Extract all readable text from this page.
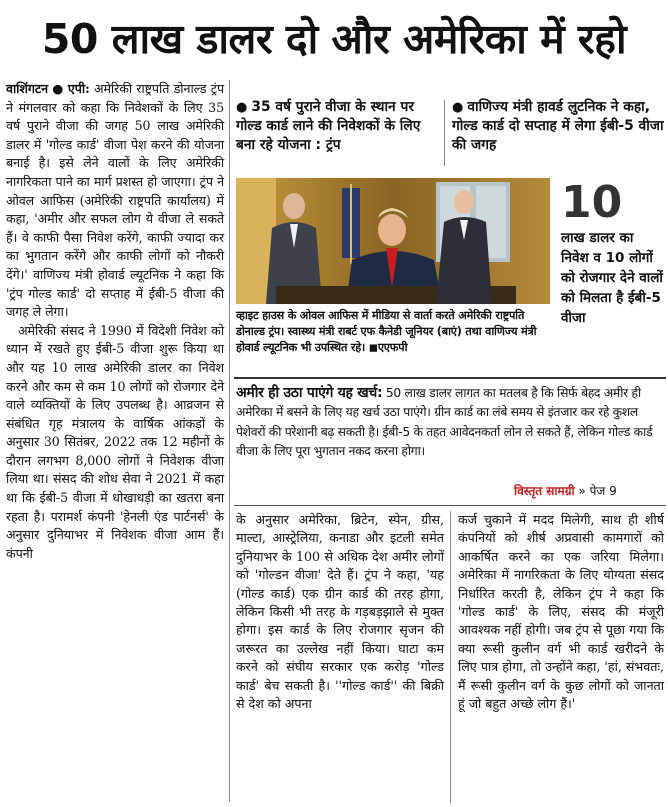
50 लाख डालर दो और अमेरिका में रहो

वाशिंगटन ● एपी: अमेरिकी राष्ट्रपति डोनाल्ड ट्रंप ने मंगलवार को कहा कि निवेशकों के लिए 35 वर्ष पुराने वीजा की जगह 50 लाख अमेरिकी डालर में 'गोल्ड कार्ड' वीजा पेश करने की योजना बनाई है। इसे लेने वालों के लिए अमेरिकी नागरिकता पाने का मार्ग प्रशस्त हो जाएगा। ट्रंप ने ओवल आफिस (अमेरिकी राष्ट्रपति कार्यालय) में कहा, 'अमीर और सफल लोग ये वीजा ले सकते हैं। वे काफी पैसा निवेश करेंगे, काफी ज्यादा कर का भुगतान करेंगे और काफी लोगों को नौकरी देंगे।' वाणिज्य मंत्री होवार्ड ल्यूटनिक ने कहा कि 'ट्रंप गोल्ड कार्ड' दो सप्ताह में ईबी-5 वीजा की जगह ले लेगा।

अमेरिकी संसद ने 1990 में विदेशी निवेश को ध्यान में रखते हुए ईबी-5 वीजा शुरू किया था और यह 10 लाख अमेरिकी डालर का निवेश करने और कम से कम 10 लोगों को रोजगार देने वाले व्यक्तियों के लिए उपलब्ध है। आव्रजन से संबंधित गृह मंत्रालय के वार्षिक आंकड़ों के अनुसार 30 सितंबर, 2022 तक 12 महीनों के दौरान लगभग 8,000 लोगों ने निवेशक वीजा लिया था। संसद की शोध सेवा ने 2021 में कहा था कि ईबी-5 वीजा में धोखाधड़ी का खतरा बना रहता है। परामर्श कंपनी 'हेनली एंड पार्टनर्स' के अनुसार दुनियाभर में निवेशक वीजा आम हैं। कंपनी

● 35 वर्ष पुराने वीजा के स्थान पर गोल्ड कार्ड लाने की निवेशकों के लिए बना रहे योजना : ट्रंप
● वाणिज्य मंत्री हावर्ड लुटनिक ने कहा, गोल्ड कार्ड दो सप्ताह में लेगा ईबी-5 वीजा की जगह
व्हाइट हाउस के ओवल आफिस में मीडिया से वार्ता करते अमेरिकी राष्ट्रपति डोनाल्ड ट्रंप। स्वास्थ्य मंत्री राबर्ट एफ कैनेडी जूनियर (बाएं) तथा वाणिज्य मंत्री होवार्ड ल्यूटनिक भी उपस्थित रहे। ◼एएफपी
10
लाख डालर का निवेश व 10 लोगों को रोजगार देने वालों को मिलता है ईबी-5 वीजा
अमीर ही उठा पाएंगे यह खर्च: 50 लाख डालर लागत का मतलब है कि सिर्फ बेहद अमीर ही अमेरिका में बसने के लिए यह खर्च उठा पाएंगे। ग्रीन कार्ड का लंबे समय से इंतजार कर रहे कुशल पेशेवरों की परेशानी बढ़ सकती है। ईबी-5 के तहत आवेदनकर्ता लोन ले सकते हैं, लेकिन गोल्ड कार्ड वीजा के लिए पूरा भुगतान नकद करना होगा।
विस्तृत सामग्री » पेज 9
के अनुसार अमेरिका, ब्रिटेन, स्पेन, ग्रीस, माल्टा, आस्ट्रेलिया, कनाडा और इटली समेत दुनियाभर के 100 से अधिक देश अमीर लोगों को 'गोल्डन वीजा' देते हैं। ट्रंप ने कहा, 'यह (गोल्ड कार्ड) एक ग्रीन कार्ड की तरह होगा, लेकिन किसी भी तरह के गड़बड़झाले से मुक्त होगा। इस कार्ड के लिए रोजगार सृजन की जरूरत का उल्लेख नहीं किया। घाटा कम करने को संघीय सरकार एक करोड़ 'गोल्ड कार्ड' बेच सकती है। ''गोल्ड कार्ड'' की बिक्री से देश को अपना
कर्ज चुकाने में मदद मिलेगी, साथ ही शीर्ष कंपनियों को शीर्ष अप्रवासी कामगारों को आकर्षित करने का एक जरिया मिलेगा। अमेरिका में नागरिकता के लिए योग्यता संसद निर्धारित करती है, लेकिन ट्रंप ने कहा कि 'गोल्ड कार्ड' के लिए, संसद की मंजूरी आवश्यक नहीं होगी। जब ट्रंप से पूछा गया कि क्या रूसी कुलीन वर्ग भी कार्ड खरीदने के लिए पात्र होगा, तो उन्होंने कहा, 'हां, संभवतः, मैं रूसी कुलीन वर्ग के कुछ लोगों को जानता हूं जो बहुत अच्छे लोग हैं।'
